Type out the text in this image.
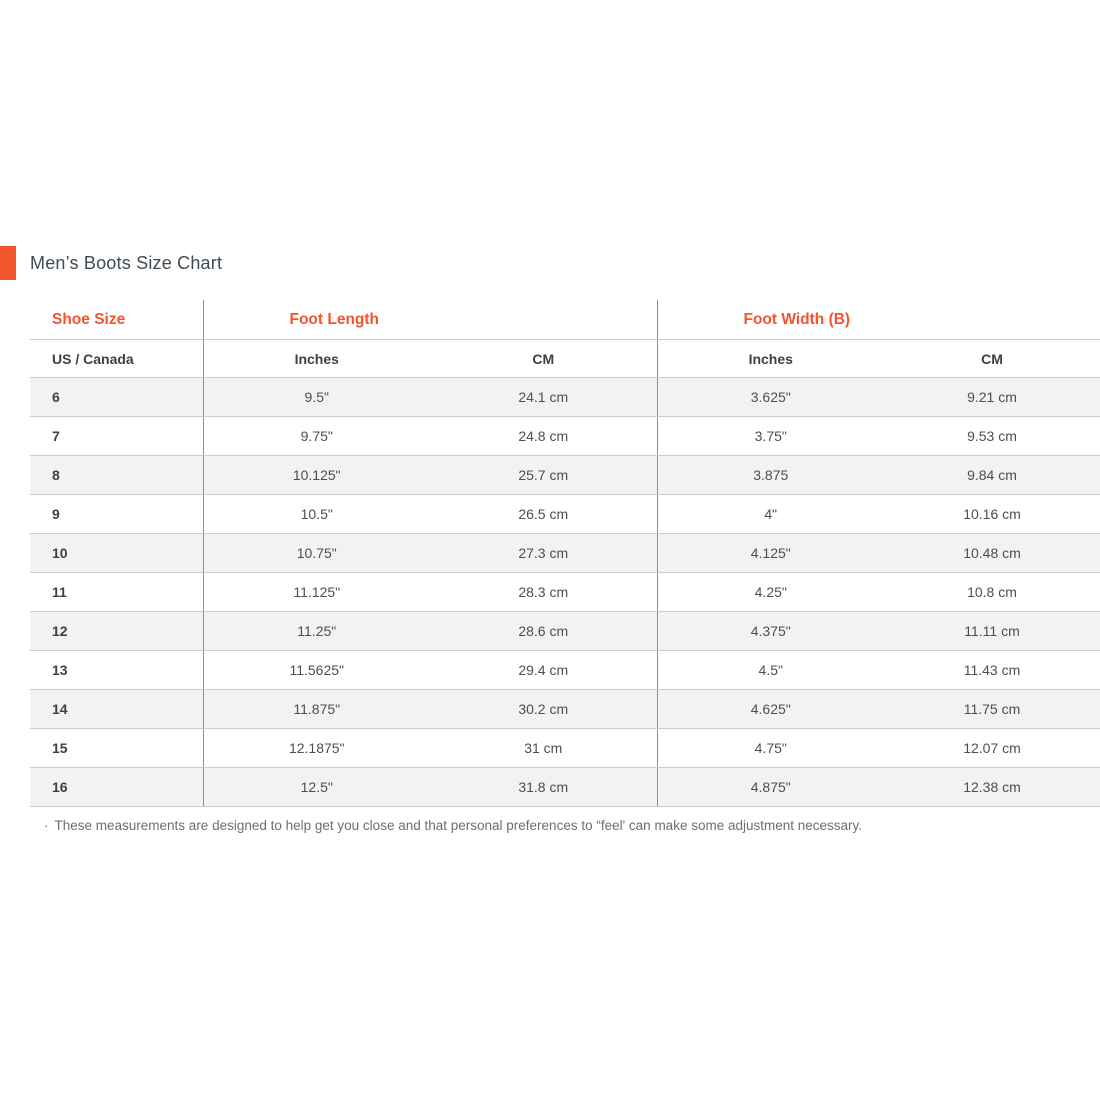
Men’s Boots Size Chart
Shoe Size	Foot Length		Foot Width (B)	
US / Canada	Inches	CM	Inches	CM
6	9.5"	24.1 cm	3.625"	9.21 cm
7	9.75"	24.8 cm	3.75"	9.53 cm
8	10.125"	25.7 cm	3.875	9.84 cm
9	10.5"	26.5 cm	4"	10.16 cm
10	10.75"	27.3 cm	4.125"	10.48 cm
11	11.125"	28.3 cm	4.25"	10.8 cm
12	11.25"	28.6 cm	4.375"	11.11 cm
13	11.5625"	29.4 cm	4.5"	11.43 cm
14	11.875"	30.2 cm	4.625"	11.75 cm
15	12.1875"	31 cm	4.75"	12.07 cm
16	12.5"	31.8 cm	4.875"	12.38 cm

· These measurements are designed to help get you close and that personal preferences to “feel' can make some adjustment necessary.
